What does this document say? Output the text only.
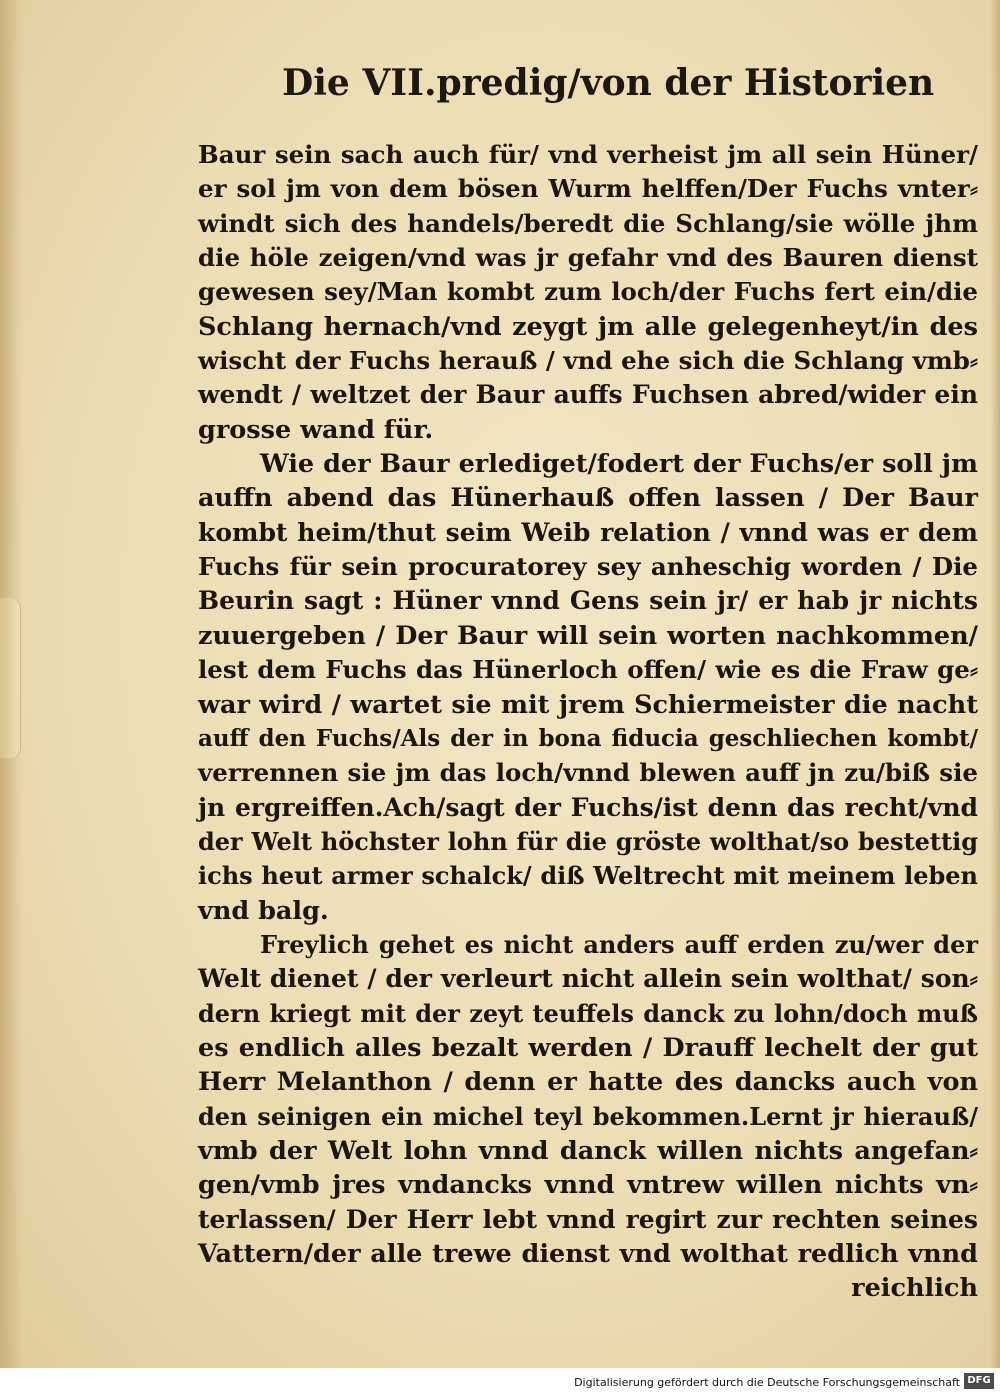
Die VII.predig/von der Historien
Baur sein sach auch für/ vnd verheist jm all sein Hüner/
er sol jm von dem bösen Wurm helffen/Der Fuchs vnter⸗
windt sich des handels/beredt die Schlang/sie wölle jhm
die höle zeigen/vnd was jr gefahr vnd des Bauren dienst
gewesen sey/Man kombt zum loch/der Fuchs fert ein/die
Schlang hernach/vnd zeygt jm alle gelegenheyt/in des
wischt der Fuchs herauß / vnd ehe sich die Schlang vmb⸗
wendt / weltzet der Baur auffs Fuchsen abred/wider ein
grosse wand für.
Wie der Baur erlediget/fodert der Fuchs/er soll jm
auffn abend das Hünerhauß offen lassen / Der Baur
kombt heim/thut seim Weib relation / vnnd was er dem
Fuchs für sein procuratorey sey anheschig worden / Die
Beurin sagt : Hüner vnnd Gens sein jr/ er hab jr nichts
zuuergeben / Der Baur will sein worten nachkommen/
lest dem Fuchs das Hünerloch offen/ wie es die Fraw ge⸗
war wird / wartet sie mit jrem Schiermeister die nacht
auff den Fuchs/Als der in bona fiducia geschliechen kombt/
verrennen sie jm das loch/vnnd blewen auff jn zu/biß sie
jn ergreiffen.Ach/sagt der Fuchs/ist denn das recht/vnd
der Welt höchster lohn für die gröste wolthat/so bestettig
ichs heut armer schalck/ diß Weltrecht mit meinem leben
vnd balg.
Freylich gehet es nicht anders auff erden zu/wer der
Welt dienet / der verleurt nicht allein sein wolthat/ son⸗
dern kriegt mit der zeyt teuffels danck zu lohn/doch muß
es endlich alles bezalt werden / Drauff lechelt der gut
Herr Melanthon / denn er hatte des dancks auch von
den seinigen ein michel teyl bekommen.Lernt jr hierauß/
vmb der Welt lohn vnnd danck willen nichts angefan⸗
gen/vmb jres vndancks vnnd vntrew willen nichts vn⸗
terlassen/ Der Herr lebt vnnd regirt zur rechten seines
Vattern/der alle trewe dienst vnd wolthat redlich vnnd
reichlich
Digitalisierung gefördert durch die Deutsche Forschungsgemeinschaft DFG
